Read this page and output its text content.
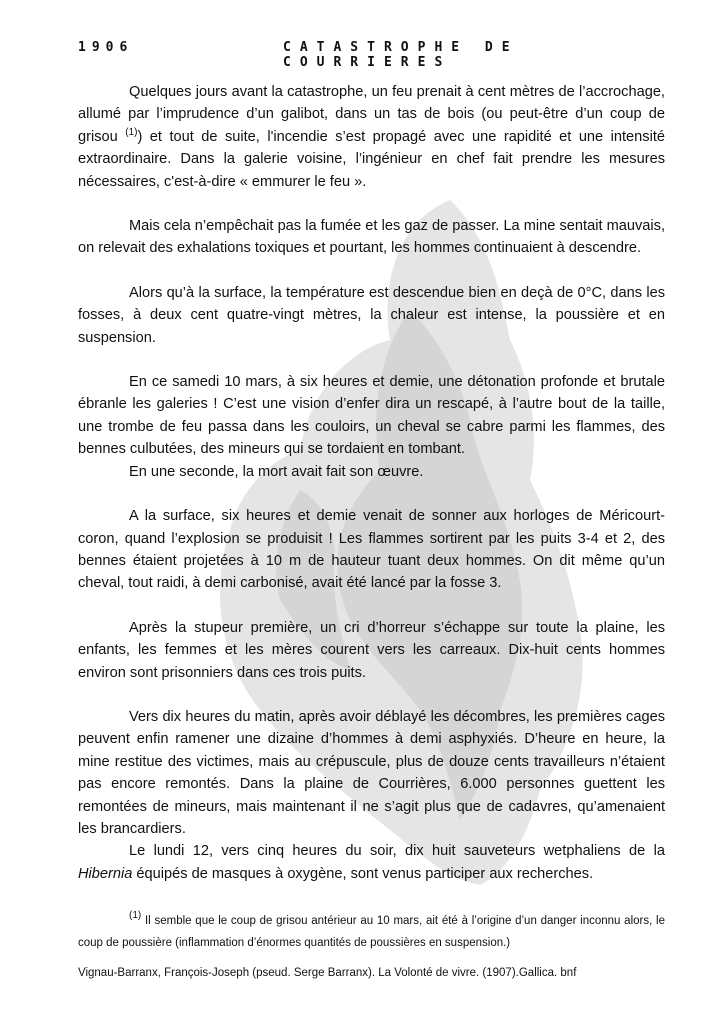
1906	CATASTROPHE DE COURRIERES

Quelques jours avant la catastrophe, un feu prenait à cent mètres de l’accrochage, allumé par l’imprudence d’un galibot, dans un tas de bois (ou peut-être d’un coup de grisou $^{(1)}$) et tout de suite, l'incendie s’est propagé avec une rapidité et une intensité extraordinaire. Dans la galerie voisine, l’ingénieur en chef fait prendre les mesures nécessaires, c'est-à-dire « emmurer le feu ».

Mais cela n’empêchait pas la fumée et les gaz de passer. La mine sentait mauvais, on relevait des exhalations toxiques et pourtant, les hommes continuaient à descendre.

Alors qu’à la surface, la température est descendue bien en deçà de 0°C, dans les fosses, à deux cent quatre-vingt mètres, la chaleur est intense, la poussière et en suspension.

En ce samedi 10 mars, à six heures et demie, une détonation profonde et brutale ébranle les galeries ! C’est une vision d’enfer dira un rescapé, à l’autre bout de la taille, une trombe de feu passa dans les couloirs, un cheval se cabre parmi les flammes, des bennes culbutées, des mineurs qui se tordaient en tombant.

En une seconde, la mort avait fait son œuvre.

A la surface, six heures et demie venait de sonner aux horloges de Méricourt-coron, quand l’explosion se produisit ! Les flammes sortirent par les puits 3-4 et 2, des bennes étaient projetées à 10 m de hauteur tuant deux hommes. On dit même qu’un cheval, tout raidi, à demi carbonisé, avait été lancé par la fosse 3.

Après la stupeur première, un cri d’horreur s’échappe sur toute la plaine, les enfants, les femmes et les mères courent vers les carreaux. Dix-huit cents hommes environ sont prisonniers dans ces trois puits.

Vers dix heures du matin, après avoir déblayé les décombres, les premières cages peuvent enfin ramener une dizaine d’hommes à demi asphyxiés. D’heure en heure, la mine restitue des victimes, mais au crépuscule, plus de douze cents travailleurs n’étaient pas encore remontés. Dans la plaine de Courrières, 6.000 personnes guettent les remontées de mineurs, mais maintenant il ne s’agit plus que de cadavres, qu’amenaient les brancardiers.

Le lundi 12, vers cinq heures du soir, dix huit sauveteurs wetphaliens de la Hibernia équipés de masques à oxygène, sont venus participer aux recherches.

$^{(1)}$ Il semble que le coup de grisou antérieur au 10 mars, ait été à l’origine d’un danger inconnu alors, le coup de poussière (inflammation d’énormes quantités de poussières en suspension.)

Vignau-Barranx, François-Joseph (pseud. Serge Barranx). La Volonté de vivre. (1907).Gallica. bnf
